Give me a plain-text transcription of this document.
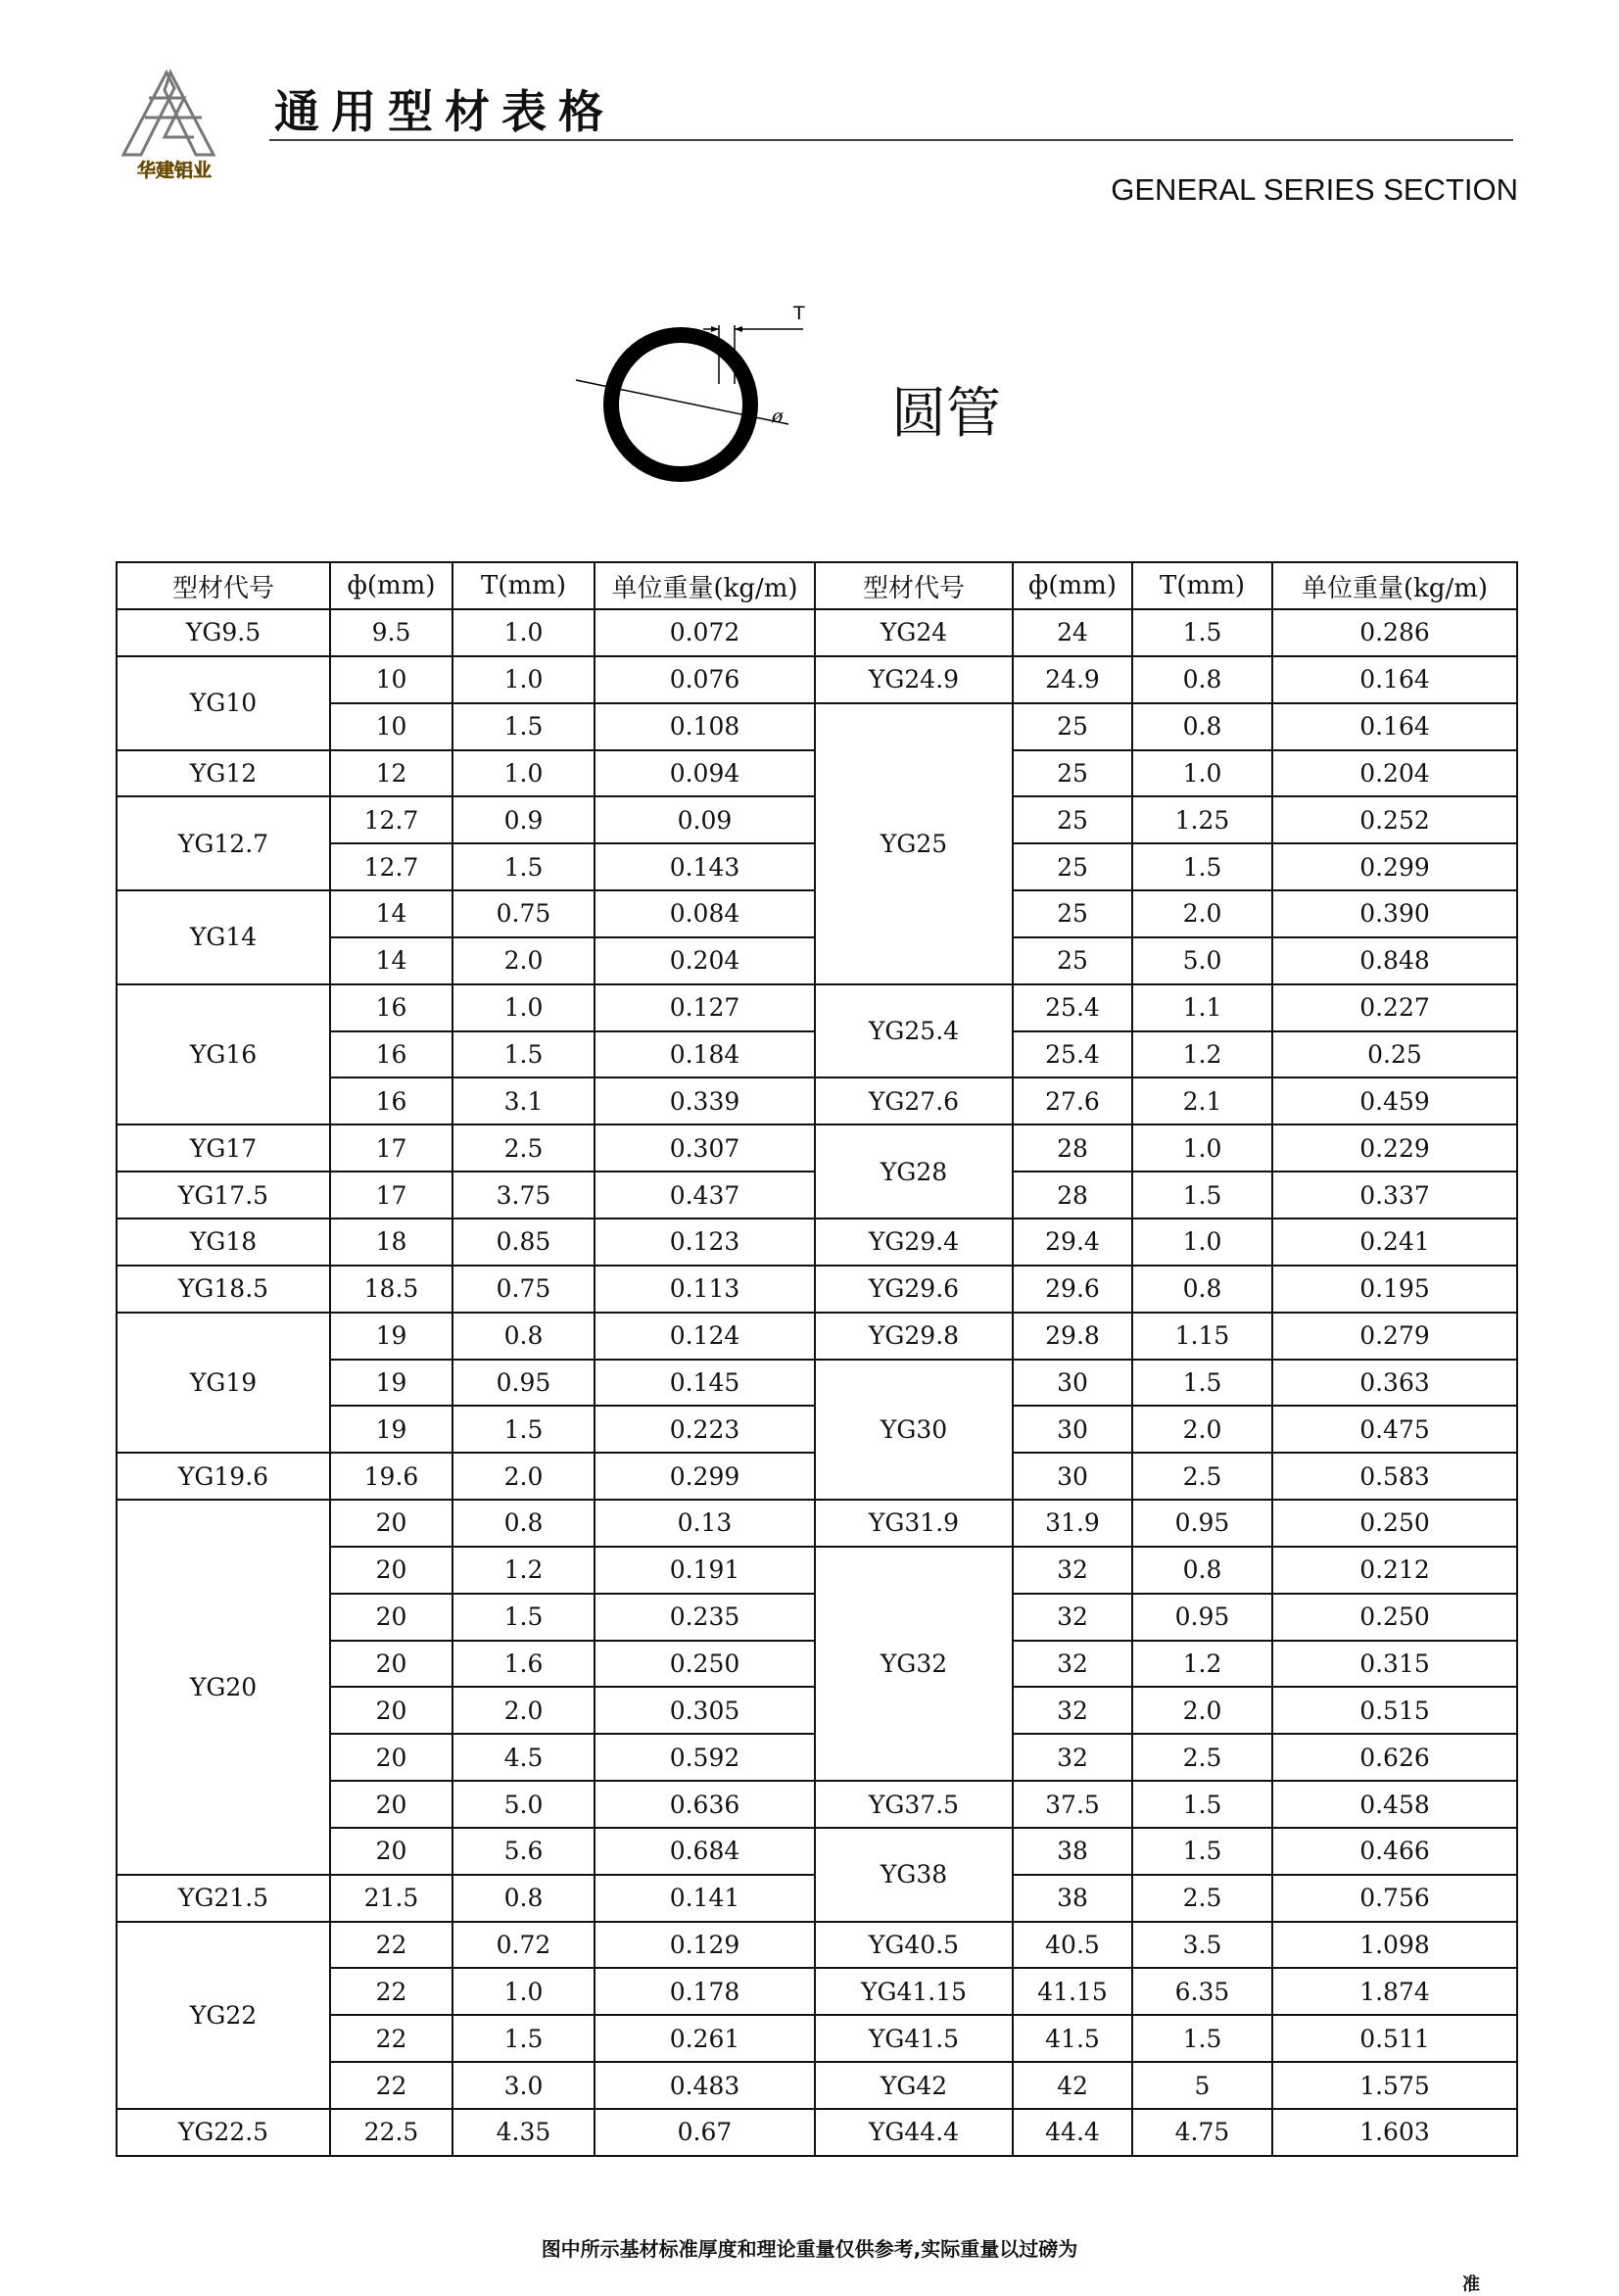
华建铝业
通用型材表格
GENERAL SERIES SECTION
T
ø 圆管
型材代号	ф(mm)	T(mm)	单位重量(kg/m)	型材代号	ф(mm)	T(mm)	单位重量(kg/m)
YG9.5	9.5	1.0	0.072	YG24	24	1.5	0.286
YG10	10	1.0	0.076	YG24.9	24.9	0.8	0.164
	10	1.5	0.108	YG25	25	0.8	0.164
YG12	12	1.0	0.094		25	1.0	0.204
YG12.7	12.7	0.9	0.09		25	1.25	0.252
	12.7	1.5	0.143		25	1.5	0.299
YG14	14	0.75	0.084		25	2.0	0.390
	14	2.0	0.204		25	5.0	0.848
YG16	16	1.0	0.127	YG25.4	25.4	1.1	0.227
	16	1.5	0.184		25.4	1.2	0.25
	16	3.1	0.339	YG27.6	27.6	2.1	0.459
YG17	17	2.5	0.307	YG28	28	1.0	0.229
YG17.5	17	3.75	0.437		28	1.5	0.337
YG18	18	0.85	0.123	YG29.4	29.4	1.0	0.241
YG18.5	18.5	0.75	0.113	YG29.6	29.6	0.8	0.195
YG19	19	0.8	0.124	YG29.8	29.8	1.15	0.279
	19	0.95	0.145	YG30	30	1.5	0.363
	19	1.5	0.223		30	2.0	0.475
YG19.6	19.6	2.0	0.299		30	2.5	0.583
YG20	20	0.8	0.13	YG31.9	31.9	0.95	0.250
	20	1.2	0.191	YG32	32	0.8	0.212
	20	1.5	0.235		32	0.95	0.250
	20	1.6	0.250		32	1.2	0.315
	20	2.0	0.305		32	2.0	0.515
	20	4.5	0.592		32	2.5	0.626
	20	5.0	0.636	YG37.5	37.5	1.5	0.458
	20	5.6	0.684	YG38	38	1.5	0.466
YG21.5	21.5	0.8	0.141		38	2.5	0.756
YG22	22	0.72	0.129	YG40.5	40.5	3.5	1.098
	22	1.0	0.178	YG41.15	41.15	6.35	1.874
	22	1.5	0.261	YG41.5	41.5	1.5	0.511
	22	3.0	0.483	YG42	42	5	1.575
YG22.5	22.5	4.35	0.67	YG44.4	44.4	4.75	1.603
图中所示基材标准厚度和理论重量仅供参考,实际重量以过磅为
准
